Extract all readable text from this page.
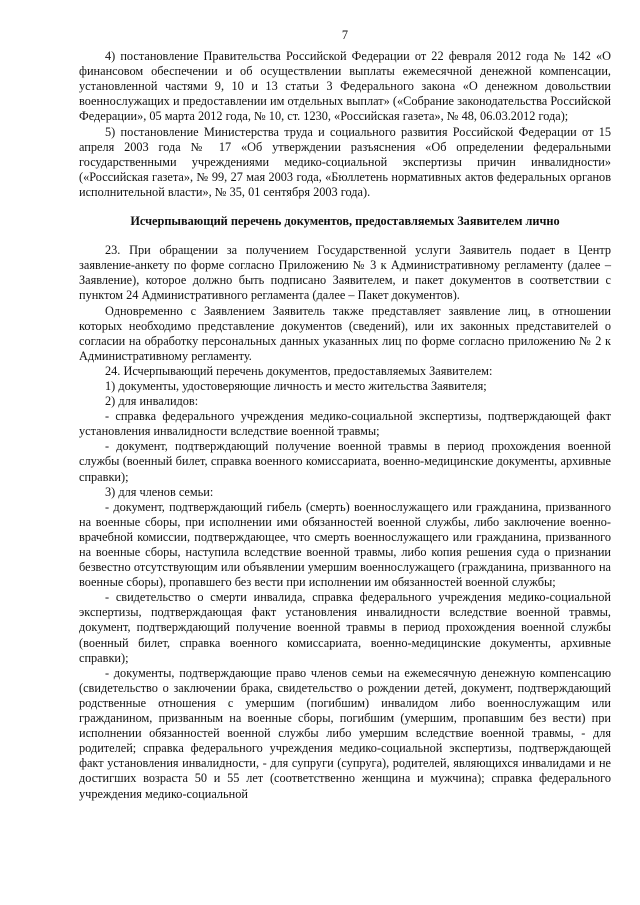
7

4) постановление Правительства Российской Федерации от 22 февраля 2012 года № 142 «О финансовом обеспечении и об осуществлении выплаты ежемесячной денежной компенсации, установленной частями 9, 10 и 13 статьи 3 Федерального закона «О денежном довольствии военнослужащих и предоставлении им отдельных выплат» («Собрание законодательства Российской Федерации», 05 марта 2012 года, № 10, ст. 1230, «Российская газета», № 48, 06.03.2012 года);

5) постановление Министерства труда и социального развития Российской Федерации от 15 апреля 2003 года № 17 «Об утверждении разъяснения «Об определении федеральными государственными учреждениями медико-социальной экспертизы причин инвалидности» («Российская газета», № 99, 27 мая 2003 года, «Бюллетень нормативных актов федеральных органов исполнительной власти», № 35, 01 сентября 2003 года).

Исчерпывающий перечень документов, предоставляемых Заявителем лично

23. При обращении за получением Государственной услуги Заявитель подает в Центр заявление-анкету по форме согласно Приложению № 3 к Административному регламенту (далее – Заявление), которое должно быть подписано Заявителем, и пакет документов в соответствии с пунктом 24 Административного регламента (далее – Пакет документов).

Одновременно с Заявлением Заявитель также представляет заявление лиц, в отношении которых необходимо представление документов (сведений), или их законных представителей о согласии на обработку персональных данных указанных лиц по форме согласно приложению № 2 к Административному регламенту.

24. Исчерпывающий перечень документов, предоставляемых Заявителем:

1) документы, удостоверяющие личность и место жительства Заявителя;

2) для инвалидов:

- справка федерального учреждения медико-социальной экспертизы, подтверждающей факт установления инвалидности вследствие военной травмы;

- документ, подтверждающий получение военной травмы в период прохождения военной службы (военный билет, справка военного комиссариата, военно-медицинские документы, архивные справки);

3) для членов семьи:

- документ, подтверждающий гибель (смерть) военнослужащего или гражданина, призванного на военные сборы, при исполнении ими обязанностей военной службы, либо заключение военно-врачебной комиссии, подтверждающее, что смерть военнослужащего или гражданина, призванного на военные сборы, наступила вследствие военной травмы, либо копия решения суда о признании безвестно отсутствующим или объявлении умершим военнослужащего (гражданина, призванного на военные сборы), пропавшего без вести при исполнении им обязанностей военной службы;

- свидетельство о смерти инвалида, справка федерального учреждения медико-социальной экспертизы, подтверждающая факт установления инвалидности вследствие военной травмы, документ, подтверждающий получение военной травмы в период прохождения военной службы (военный билет, справка военного комиссариата, военно-медицинские документы, архивные справки);

- документы, подтверждающие право членов семьи на ежемесячную денежную компенсацию (свидетельство о заключении брака, свидетельство о рождении детей, документ, подтверждающий родственные отношения с умершим (погибшим) инвалидом либо военнослужащим или гражданином, призванным на военные сборы, погибшим (умершим, пропавшим без вести) при исполнении обязанностей военной службы либо умершим вследствие военной травмы, - для родителей; справка федерального учреждения медико-социальной экспертизы, подтверждающей факт установления инвалидности, - для супруги (супруга), родителей, являющихся инвалидами и не достигших возраста 50 и 55 лет (соответственно женщина и мужчина); справка федерального учреждения медико-социальной
